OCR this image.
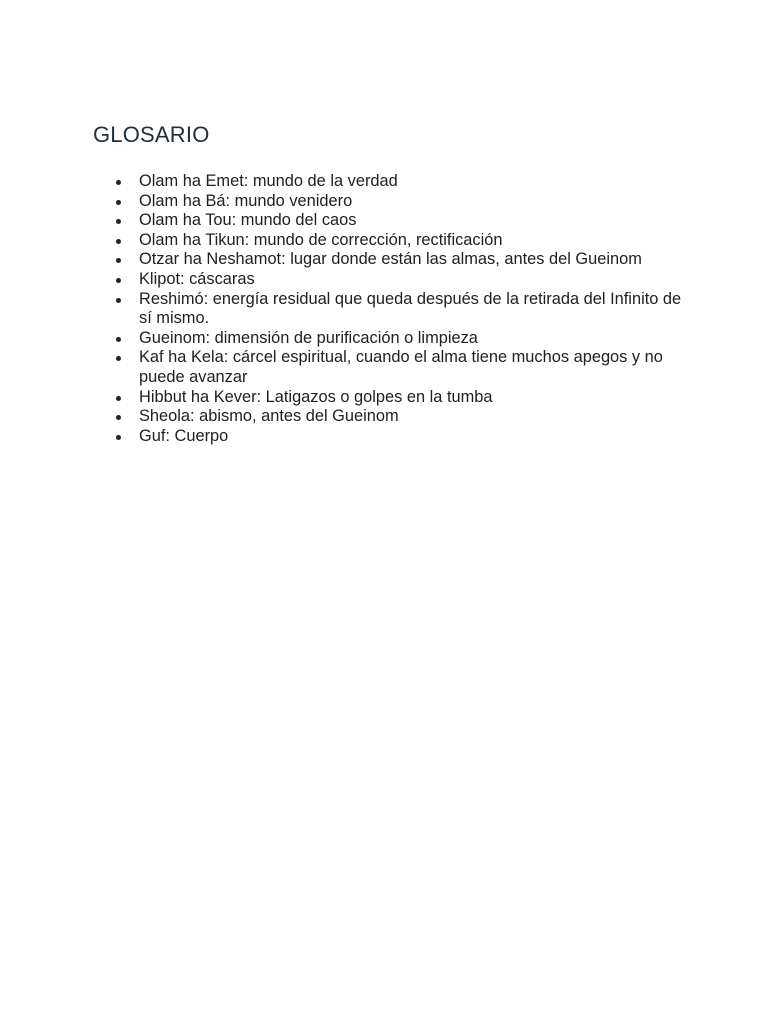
GLOSARIO
Olam ha Emet: mundo de la verdad
Olam ha Bá: mundo venidero
Olam ha Tou: mundo del caos
Olam ha Tikun: mundo de corrección, rectificación
Otzar ha Neshamot: lugar donde están las almas, antes del Gueinom
Klipot: cáscaras
Reshimó: energía residual que queda después de la retirada del Infinito de sí mismo.
Gueinom: dimensión de purificación o limpieza
Kaf ha Kela: cárcel espiritual, cuando el alma tiene muchos apegos y no puede avanzar
Hibbut ha Kever: Latigazos o golpes en la tumba
Sheola: abismo, antes del Gueinom
Guf: Cuerpo
